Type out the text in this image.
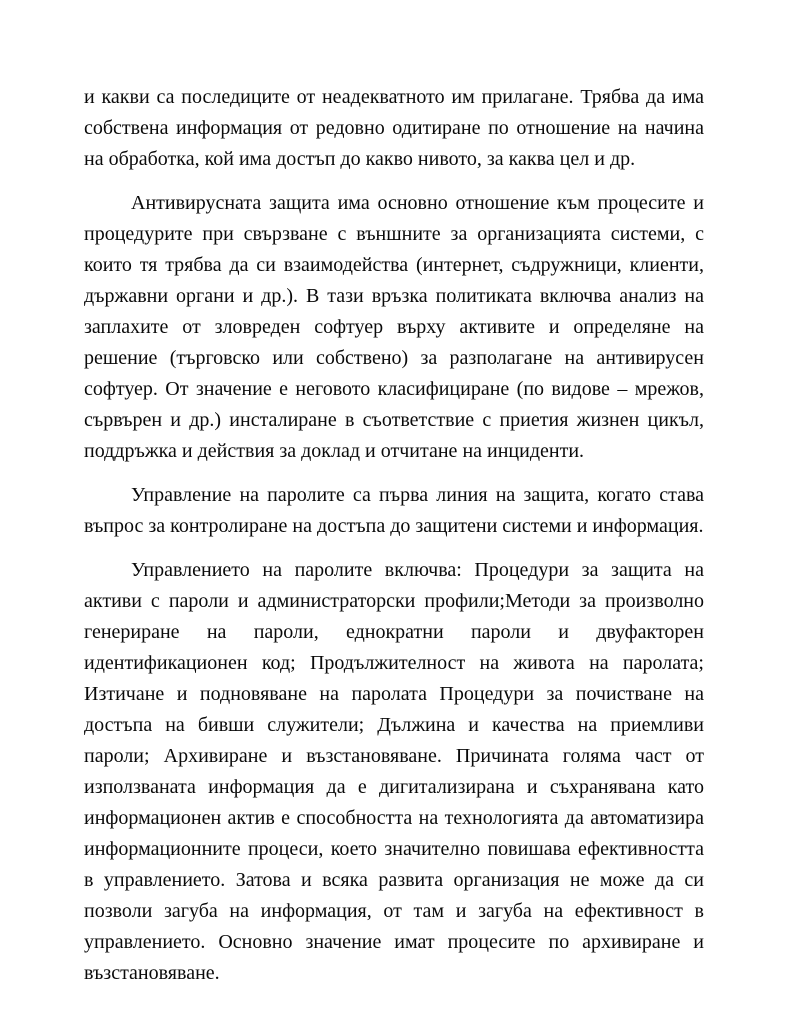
и какви са последиците от неадекватното им прилагане. Трябва да има собствена информация от редовно одитиране по отношение на начина на обработка, кой има достъп до какво нивото, за каква цел и др.

Антивирусната защита има основно отношение към процесите и процедурите при свързване с външните за организацията системи, с които тя трябва да си взаимодейства (интернет, съдружници, клиенти, държавни органи и др.). В тази връзка политиката включва анализ на заплахите от зловреден софтуер върху активите и определяне на решение (търговско или собствено) за разполагане на антивирусен софтуер. От значение е неговото класифициране (по видове – мрежов, сървърен и др.) инсталиране в съответствие с приетия жизнен цикъл, поддръжка и действия за доклад и отчитане на инциденти.

Управление на паролите са първа линия на защита, когато става въпрос за контролиране на достъпа до защитени системи и информация.

Управлението на паролите включва: Процедури за защита на активи с пароли и администраторски профили;Методи за произволно генериране на пароли, еднократни пароли и двуфакторен идентификационен код; Продължителност на живота на паролата; Изтичане и подновяване на паролата Процедури за почистване на достъпа на бивши служители; Дължина и качества на приемливи пароли; Архивиране и възстановяване. Причината голяма част от използваната информация да е дигитализирана и съхранявана като информационен актив е способността на технологията да автоматизира информационните процеси, което значително повишава ефективността в управлението. Затова и всяка развита организация не може да си позволи загуба на информация, от там и загуба на ефективност в управлението. Основно значение имат процесите по архивиране и възстановяване.
